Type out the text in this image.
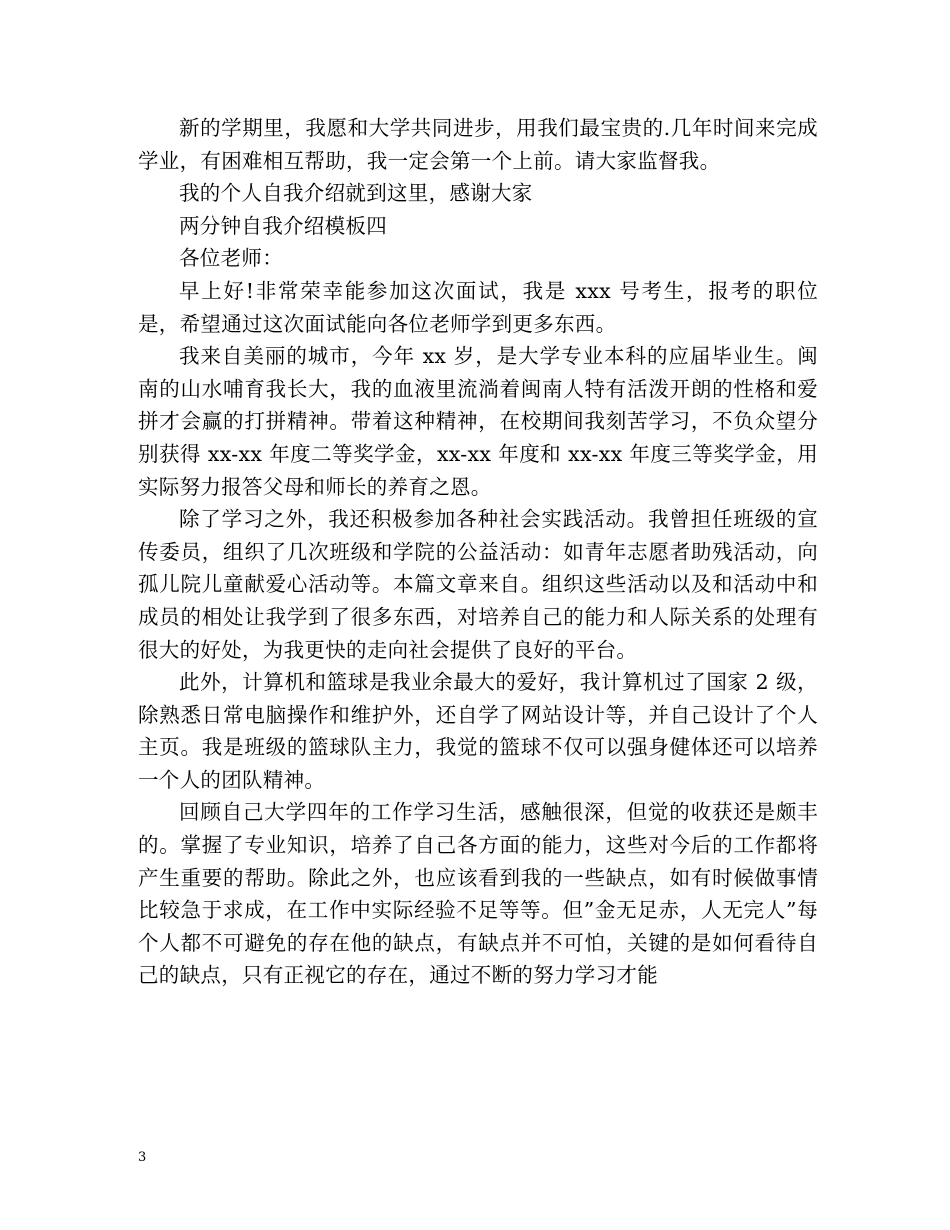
新的学期里，我愿和大学共同进步，用我们最宝贵的.几年时间来完成学业，有困难相互帮助，我一定会第一个上前。请大家监督我。

我的个人自我介绍就到这里，感谢大家

两分钟自我介绍模板四

各位老师：

早上好!非常荣幸能参加这次面试，我是 xxx 号考生，报考的职位是，希望通过这次面试能向各位老师学到更多东西。

我来自美丽的城市，今年 xx 岁，是大学专业本科的应届毕业生。闽南的山水哺育我长大，我的血液里流淌着闽南人特有活泼开朗的性格和爱拼才会赢的打拼精神。带着这种精神，在校期间我刻苦学习，不负众望分别获得 xx-xx 年度二等奖学金，xx-xx 年度和 xx-xx 年度三等奖学金，用实际努力报答父母和师长的养育之恩。

除了学习之外，我还积极参加各种社会实践活动。我曾担任班级的宣传委员，组织了几次班级和学院的公益活动：如青年志愿者助残活动，向孤儿院儿童献爱心活动等。本篇文章来自。组织这些活动以及和活动中和成员的相处让我学到了很多东西，对培养自己的能力和人际关系的处理有很大的好处，为我更快的走向社会提供了良好的平台。

此外，计算机和篮球是我业余最大的爱好，我计算机过了国家 2 级，除熟悉日常电脑操作和维护外，还自学了网站设计等，并自己设计了个人主页。我是班级的篮球队主力，我觉的篮球不仅可以强身健体还可以培养一个人的团队精神。

回顾自己大学四年的工作学习生活，感触很深，但觉的收获还是颇丰的。掌握了专业知识，培养了自己各方面的能力，这些对今后的工作都将产生重要的帮助。除此之外，也应该看到我的一些缺点，如有时候做事情比较急于求成，在工作中实际经验不足等等。但”金无足赤，人无完人”每个人都不可避免的存在他的缺点，有缺点并不可怕，关键的是如何看待自己的缺点，只有正视它的存在，通过不断的努力学习才能

3
